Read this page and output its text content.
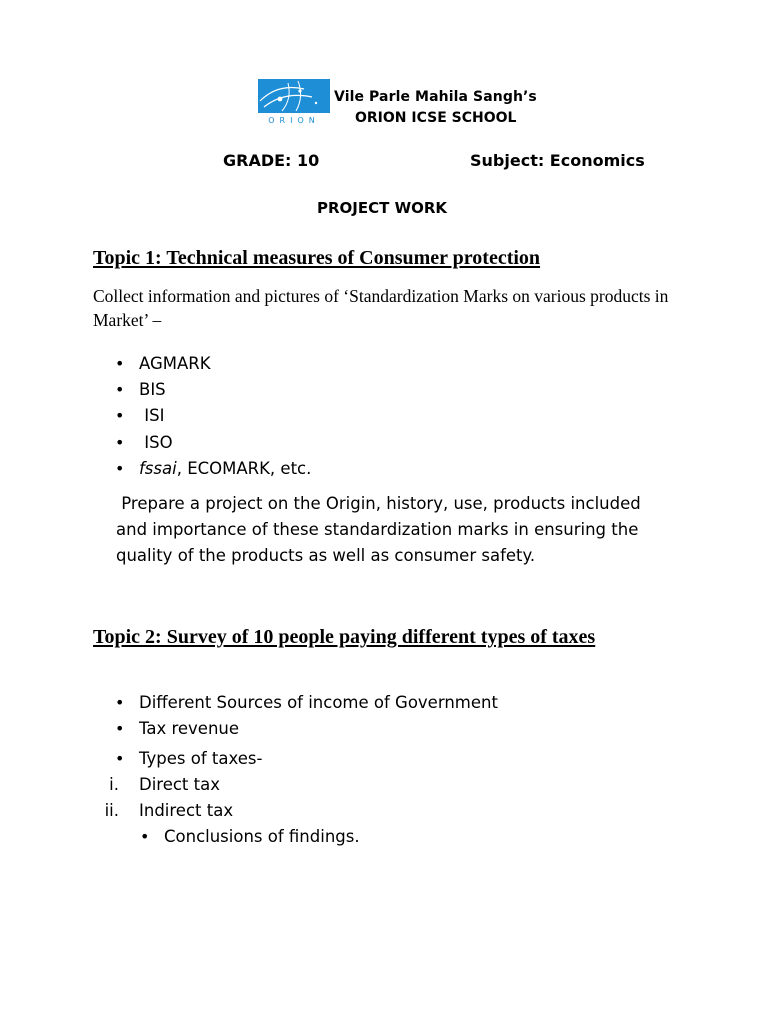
ORION
Vile Parle Mahila Sangh’s
ORION ICSE SCHOOL
GRADE: 10	Subject: Economics
PROJECT WORK
Topic 1: Technical measures of Consumer protection
Collect information and pictures of ‘Standardization Marks on various products in Market’ –
• AGMARK
• BIS
• ISI
• ISO
• fssai, ECOMARK, etc.
Prepare a project on the Origin, history, use, products included and importance of these standardization marks in ensuring the quality of the products as well as consumer safety.
Topic 2: Survey of 10 people paying different types of taxes
• Different Sources of income of Government
• Tax revenue
• Types of taxes-
i. Direct tax
ii. Indirect tax
• Conclusions of findings.
